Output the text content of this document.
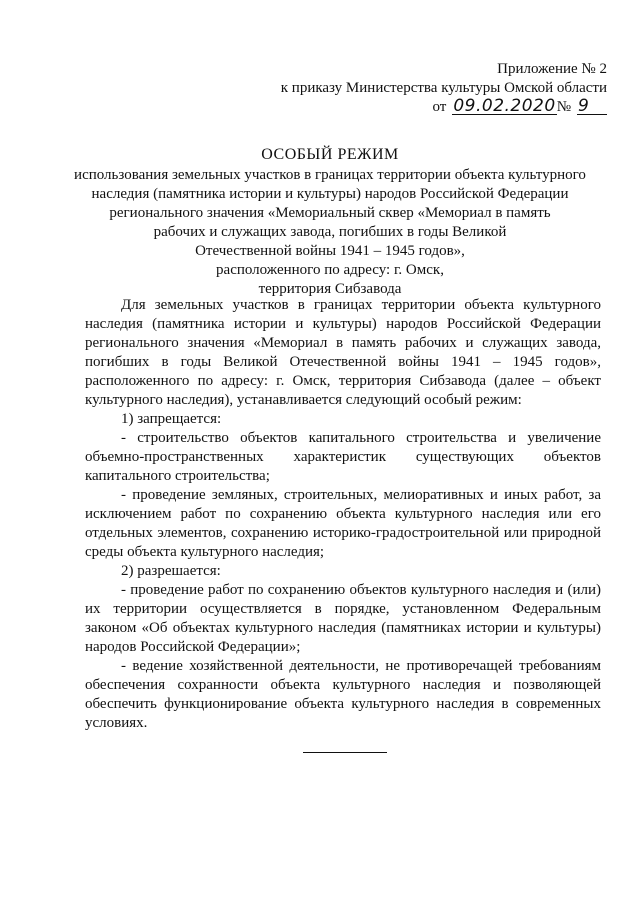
Приложение № 2
к приказу Министерства культуры Омской области
от 09.02.2020 № 9
ОСОБЫЙ РЕЖИМ
использования земельных участков в границах территории объекта культурного
наследия (памятника истории и культуры) народов Российской Федерации
регионального значения «Мемориальный сквер «Мемориал в память
рабочих и служащих завода, погибших в годы Великой
Отечественной войны 1941 – 1945 годов»,
расположенного по адресу: г. Омск,
территория Сибзавода

Для земельных участков в границах территории объекта культурного наследия (памятника истории и культуры) народов Российской Федерации регионального значения «Мемориал в память рабочих и служащих завода, погибших в годы Великой Отечественной войны 1941 – 1945 годов», расположенного по адресу: г. Омск, территория Сибзавода (далее – объект культурного наследия), устанавливается следующий особый режим:

1) запрещается:

- строительство объектов капитального строительства и увеличение объемно-пространственных характеристик существующих объектов капитального строительства;

- проведение земляных, строительных, мелиоративных и иных работ, за исключением работ по сохранению объекта культурного наследия или его отдельных элементов, сохранению историко-градостроительной или природной среды объекта культурного наследия;

2) разрешается:

- проведение работ по сохранению объектов культурного наследия и (или) их территории осуществляется в порядке, установленном Федеральным законом «Об объектах культурного наследия (памятниках истории и культуры) народов Российской Федерации»;

- ведение хозяйственной деятельности, не противоречащей требованиям обеспечения сохранности объекта культурного наследия и позволяющей обеспечить функционирование объекта культурного наследия в современных условиях.
